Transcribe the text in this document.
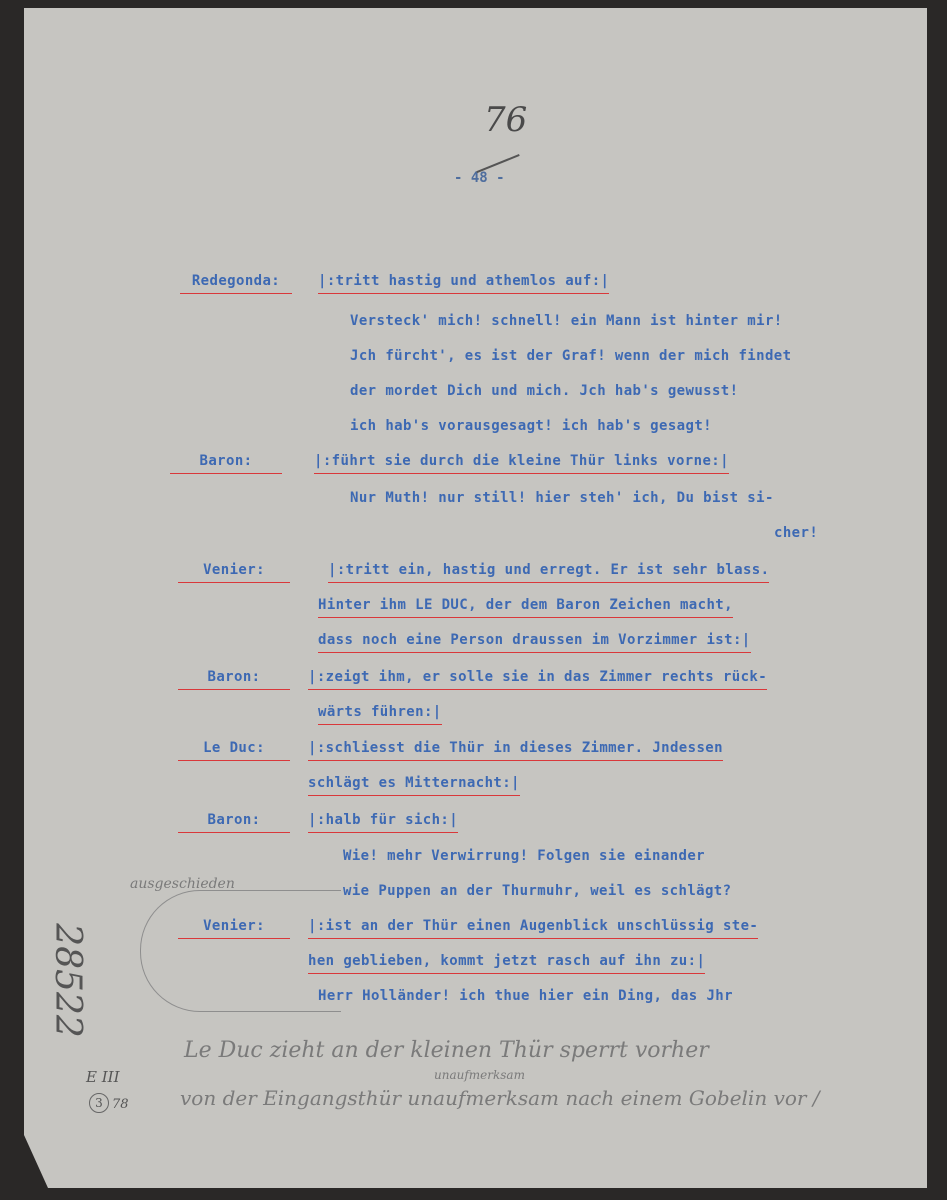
76
- 48 -
Redegonda:	|:tritt hastig und athemlos auf:|
Versteck' mich! schnell! ein Mann ist hinter mir!
Jch fürcht', es ist der Graf! wenn der mich findet
der mordet Dich und mich. Jch hab's gewusst!
ich hab's vorausgesagt! ich hab's gesagt!
Baron:	|:führt sie durch die kleine Thür links vorne:|
Nur Muth! nur still! hier steh' ich, Du bist si-
cher!
Venier:	|:tritt ein, hastig und erregt. Er ist sehr blass.
Hinter ihm LE DUC, der dem Baron Zeichen macht,
dass noch eine Person draussen im Vorzimmer ist:|
Baron:	|:zeigt ihm, er solle sie in das Zimmer rechts rück-
wärts führen:|
Le Duc:	|:schliesst die Thür in dieses Zimmer. Jndessen
schlägt es Mitternacht:|
Baron:	|:halb für sich:|
Wie! mehr Verwirrung! Folgen sie einander
wie Puppen an der Thurmuhr, weil es schlägt?
Venier:	|:ist an der Thür einen Augenblick unschlüssig ste-
hen geblieben, kommt jetzt rasch auf ihn zu:|
Herr Holländer! ich thue hier ein Ding, das Jhr
ausgeschieden
28522
E III
3 78
Le Duc zieht an der kleinen Thür sperrt vorher
unaufmerksam
von der Eingangsthür unaufmerksam nach einem Gobelin vor /
